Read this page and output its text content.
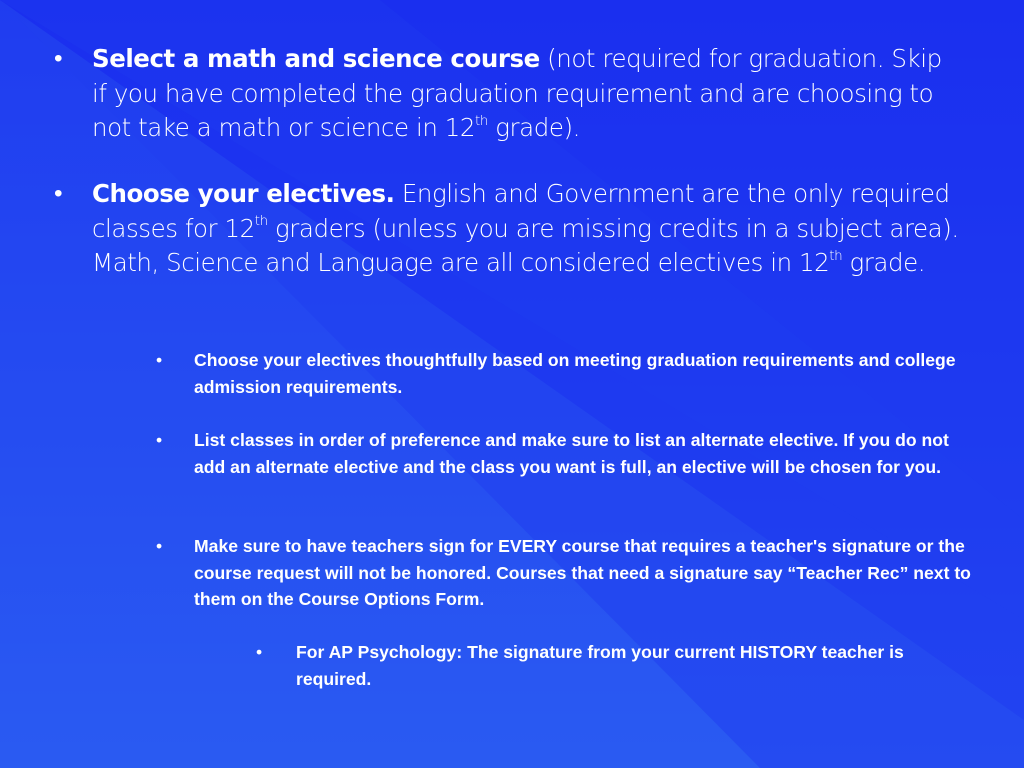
• Select a math and science course (not required for graduation. Skip if you have completed the graduation requirement and are choosing to not take a math or science in 12th grade).
• Choose your electives. English and Government are the only required classes for 12th graders (unless you are missing credits in a subject area). Math, Science and Language are all considered electives in 12th grade.
• Choose your electives thoughtfully based on meeting graduation requirements and college admission requirements.
• List classes in order of preference and make sure to list an alternate elective. If you do not add an alternate elective and the class you want is full, an elective will be chosen for you.
• Make sure to have teachers sign for EVERY course that requires a teacher's signature or the course request will not be honored. Courses that need a signature say “Teacher Rec” next to them on the Course Options Form.
• For AP Psychology: The signature from your current HISTORY teacher is required.
